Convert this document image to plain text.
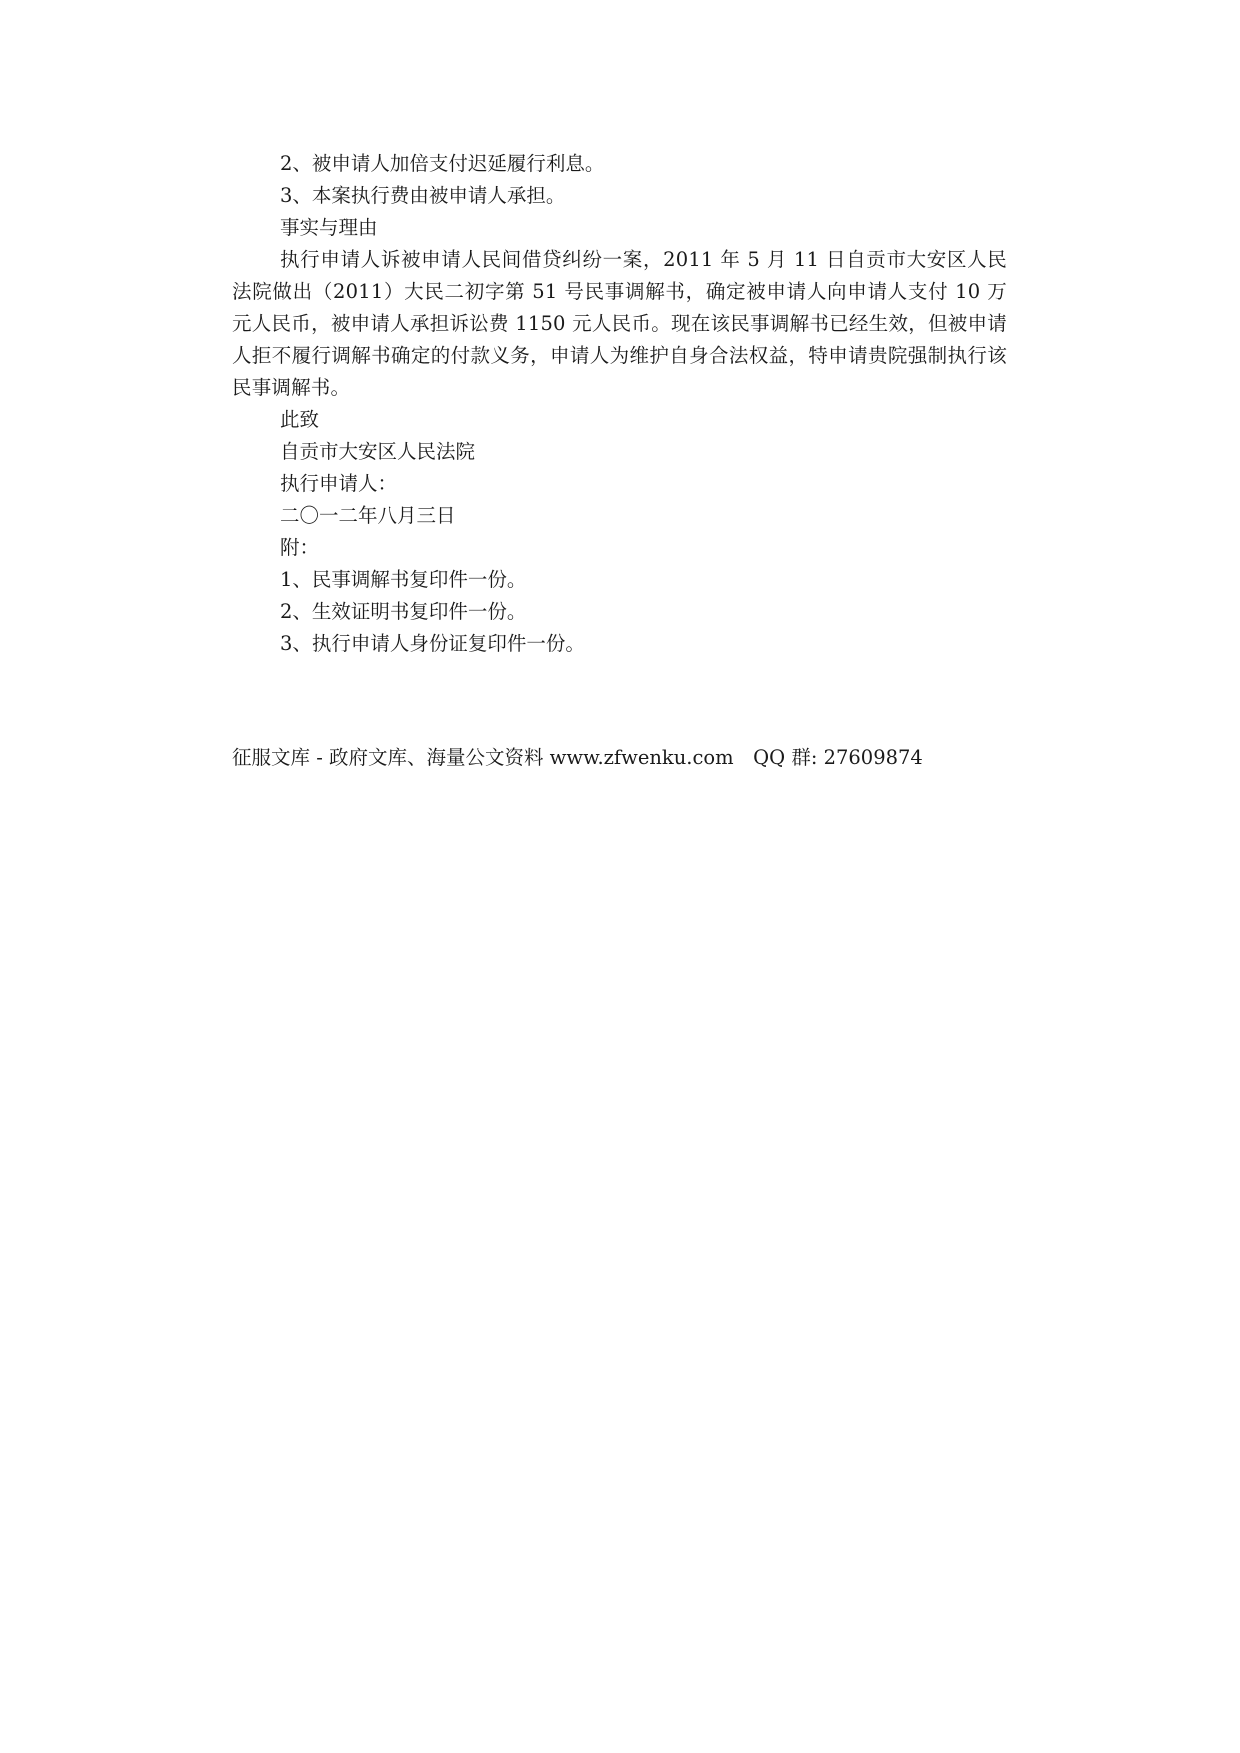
2、被申请人加倍支付迟延履行利息。

3、本案执行费由被申请人承担。

事实与理由

执行申请人诉被申请人民间借贷纠纷一案，2011 年 5 月 11 日自贡市大安区人民法院做出（2011）大民二初字第 51 号民事调解书，确定被申请人向申请人支付 10 万元人民币，被申请人承担诉讼费 1150 元人民币。现在该民事调解书已经生效，但被申请人拒不履行调解书确定的付款义务，申请人为维护自身合法权益，特申请贵院强制执行该民事调解书。

此致

自贡市大安区人民法院

执行申请人：

二〇一二年八月三日

附：

1、民事调解书复印件一份。

2、生效证明书复印件一份。

3、执行申请人身份证复印件一份。

征服文库 - 政府文库、海量公文资料 www.zfwenku.com　QQ 群: 27609874
